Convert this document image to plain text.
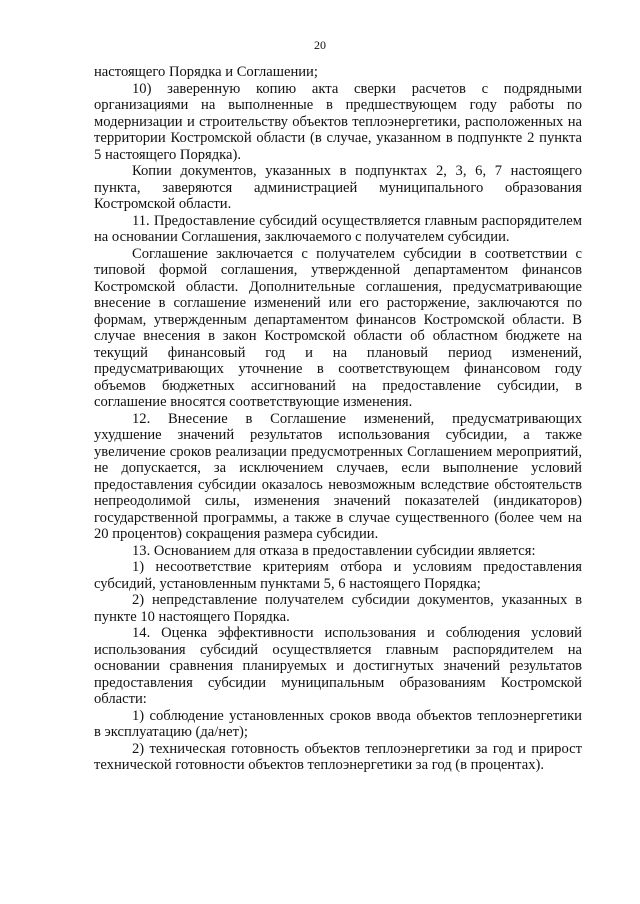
20

настоящего Порядка и Соглашении;

10) заверенную копию акта сверки расчетов с подрядными организациями на выполненные в предшествующем году работы по модернизации и строительству объектов теплоэнергетики, расположенных на территории Костромской области (в случае, указанном в подпункте 2 пункта 5 настоящего Порядка).

Копии документов, указанных в подпунктах 2, 3, 6, 7 настоящего пункта, заверяются администрацией муниципального образования Костромской области.

11. Предоставление субсидий осуществляется главным распорядителем на основании Соглашения, заключаемого с получателем субсидии.

Соглашение заключается с получателем субсидии в соответствии с типовой формой соглашения, утвержденной департаментом финансов Костромской области. Дополнительные соглашения, предусматривающие внесение в соглашение изменений или его расторжение, заключаются по формам, утвержденным департаментом финансов Костромской области. В случае внесения в закон Костромской области об областном бюджете на текущий финансовый год и на плановый период изменений, предусматривающих уточнение в соответствующем финансовом году объемов бюджетных ассигнований на предоставление субсидии, в соглашение вносятся соответствующие изменения.

12. Внесение в Соглашение изменений, предусматривающих ухудшение значений результатов использования субсидии, а также увеличение сроков реализации предусмотренных Соглашением мероприятий, не допускается, за исключением случаев, если выполнение условий предоставления субсидии оказалось невозможным вследствие обстоятельств непреодолимой силы, изменения значений показателей (индикаторов) государственной программы, а также в случае существенного (более чем на 20 процентов) сокращения размера субсидии.

13. Основанием для отказа в предоставлении субсидии является:

1) несоответствие критериям отбора и условиям предоставления субсидий, установленным пунктами 5, 6 настоящего Порядка;

2) непредставление получателем субсидии документов, указанных в пункте 10 настоящего Порядка.

14. Оценка эффективности использования и соблюдения условий использования субсидий осуществляется главным распорядителем на основании сравнения планируемых и достигнутых значений результатов предоставления субсидии муниципальным образованиям Костромской области:

1) соблюдение установленных сроков ввода объектов теплоэнергетики в эксплуатацию (да/нет);

2) техническая готовность объектов теплоэнергетики за год и прирост технической готовности объектов теплоэнергетики за год (в процентах).
